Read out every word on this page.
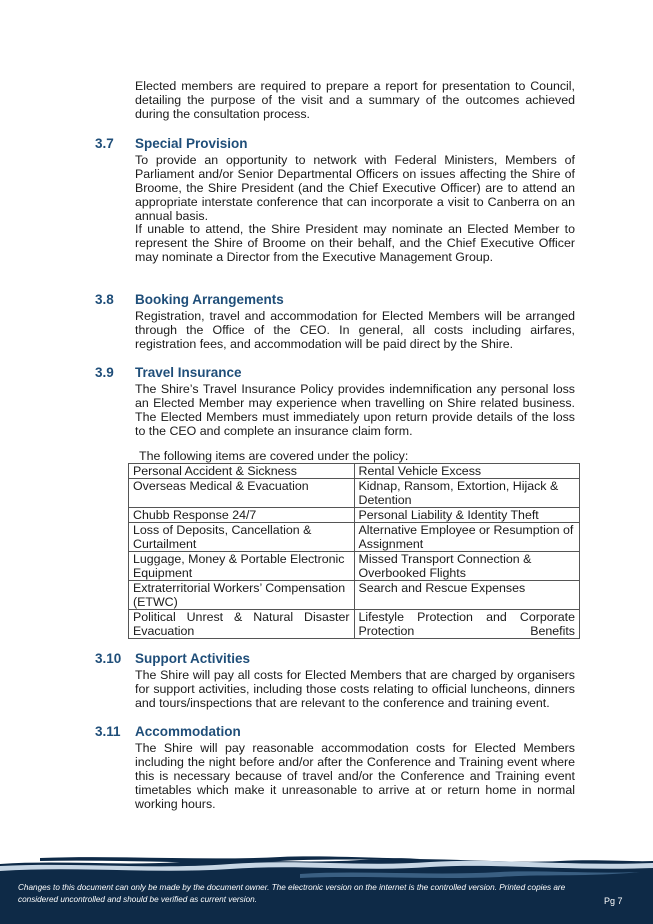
Elected members are required to prepare a report for presentation to Council, detailing the purpose of the visit and a summary of the outcomes achieved during the consultation process.

3.7 Special Provision

To provide an opportunity to network with Federal Ministers, Members of Parliament and/or Senior Departmental Officers on issues affecting the Shire of Broome, the Shire President (and the Chief Executive Officer) are to attend an appropriate interstate conference that can incorporate a visit to Canberra on an annual basis.

If unable to attend, the Shire President may nominate an Elected Member to represent the Shire of Broome on their behalf, and the Chief Executive Officer may nominate a Director from the Executive Management Group.

3.8 Booking Arrangements

Registration, travel and accommodation for Elected Members will be arranged through the Office of the CEO. In general, all costs including airfares, registration fees, and accommodation will be paid direct by the Shire.

3.9 Travel Insurance

The Shire’s Travel Insurance Policy provides indemnification any personal loss an Elected Member may experience when travelling on Shire related business. The Elected Members must immediately upon return provide details of the loss to the CEO and complete an insurance claim form.

The following items are covered under the policy:
Personal Accident & Sickness	Rental Vehicle Excess
Overseas Medical & Evacuation	Kidnap, Ransom, Extortion, Hijack & Detention
Chubb Response 24/7	Personal Liability & Identity Theft
Loss of Deposits, Cancellation & Curtailment	Alternative Employee or Resumption of Assignment
Luggage, Money & Portable Electronic Equipment	Missed Transport Connection & Overbooked Flights
Extraterritorial Workers’ Compensation (ETWC)	Search and Rescue Expenses
Political Unrest & Natural Disaster Evacuation	Lifestyle Protection and Corporate Protection Benefits
3.10 Support Activities

The Shire will pay all costs for Elected Members that are charged by organisers for support activities, including those costs relating to official luncheons, dinners and tours/inspections that are relevant to the conference and training event.

3.11 Accommodation

The Shire will pay reasonable accommodation costs for Elected Members including the night before and/or after the Conference and Training event where this is necessary because of travel and/or the Conference and Training event timetables which make it unreasonable to arrive at or return home in normal working hours.

Changes to this document can only be made by the document owner. The electronic version on the internet is the controlled version. Printed copies are considered uncontrolled and should be verified as current version.	Pg 7
